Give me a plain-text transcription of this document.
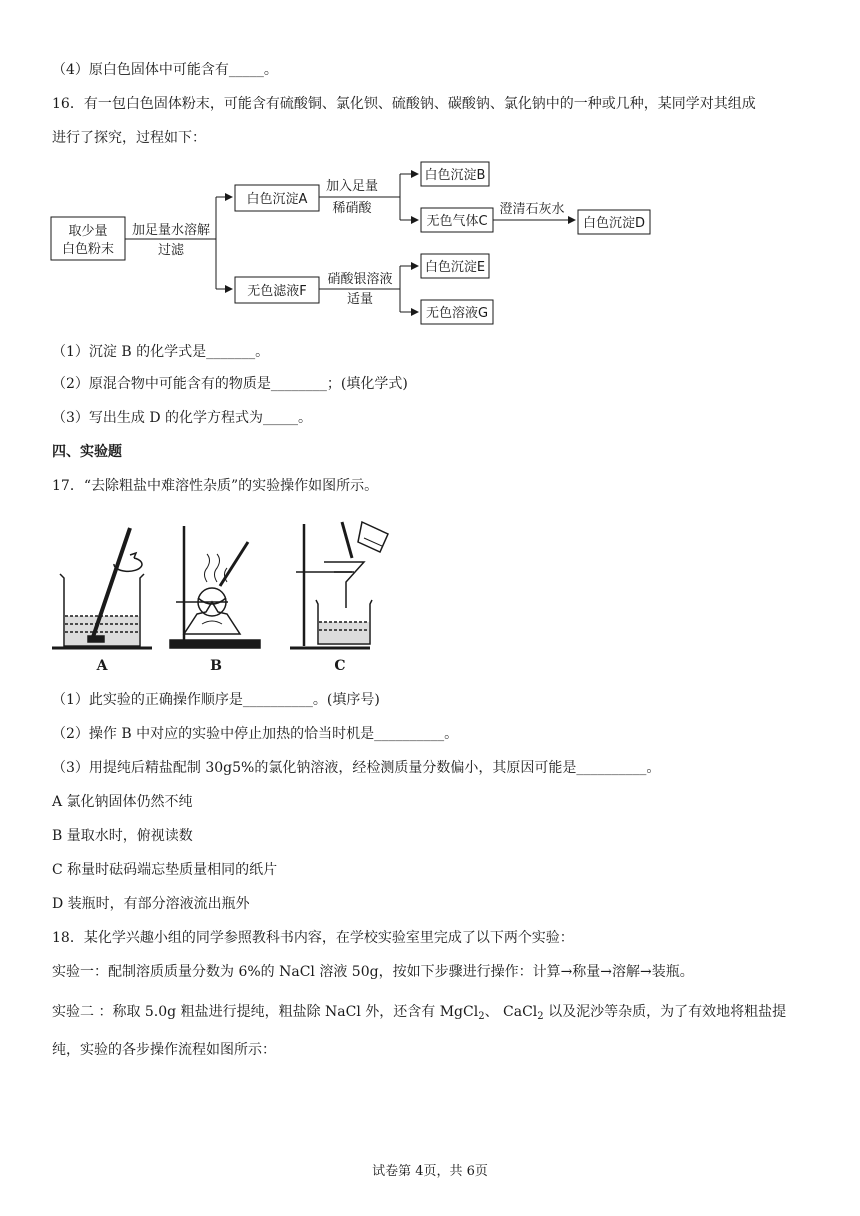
（4）原白色固体中可能含有_____。
16．有一包白色固体粉末，可能含有硫酸铜、氯化钡、硫酸钠、碳酸钠、氯化钠中的一种或几种，某同学对其组成
进行了探究，过程如下：
取少量
白色粉末
加足量水溶解
过滤
白色沉淀A
无色滤液F
加入足量
稀硝酸
白色沉淀B
无色气体C
澄清石灰水
白色沉淀D
硝酸银溶液
适量
白色沉淀E
无色溶液G
（1）沉淀 B 的化学式是_______。
（2）原混合物中可能含有的物质是________；(填化学式)
（3）写出生成 D 的化学方程式为_____。
四、实验题
17．“去除粗盐中难溶性杂质”的实验操作如图所示。
A	B	C
（1）此实验的正确操作顺序是__________。(填序号)
（2）操作 B 中对应的实验中停止加热的恰当时机是__________。
（3）用提纯后精盐配制 30g5%的氯化钠溶液，经检测质量分数偏小，其原因可能是__________。
A 氯化钠固体仍然不纯
B 量取水时，俯视读数
C 称量时砝码端忘垫质量相同的纸片
D 装瓶时，有部分溶液流出瓶外
18．某化学兴趣小组的同学参照教科书内容，在学校实验室里完成了以下两个实验：
实验一：配制溶质质量分数为 6%的 NaCl 溶液 50g，按如下步骤进行操作：计算→称量→溶解→装瓶。
实验二 ：称取 5.0g 粗盐进行提纯，粗盐除 NaCl 外，还含有 MgCl$_2$、 CaCl$_2$ 以及泥沙等杂质，为了有效地将粗盐提
纯，实验的各步操作流程如图所示：
试卷第 4页，共 6页
